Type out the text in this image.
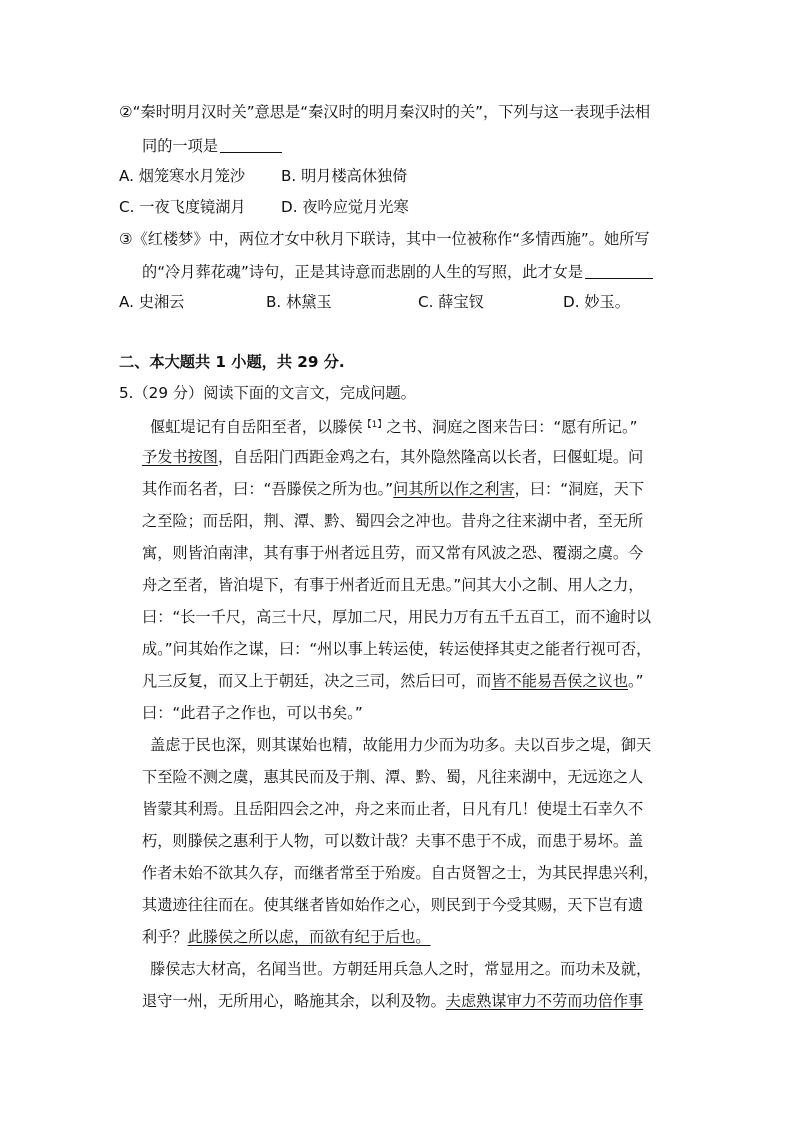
②“秦时明月汉时关”意思是“秦汉时的明月秦汉时的关”，下列与这一表现手法相
同的一项是
A. 烟笼寒水月笼沙 B. 明月楼高休独倚
C. 一夜飞度镜湖月 D. 夜吟应觉月光寒
③《红楼梦》中，两位才女中秋月下联诗，其中一位被称作“多情西施”。她所写
的“冷月葬花魂”诗句，正是其诗意而悲剧的人生的写照，此才女是
A. 史湘云	B. 林黛玉	C. 薛宝钗	D. 妙玉。
二、本大题共 1 小题，共 29 分.
5.（29 分）阅读下面的文言文，完成问题。
偃虹堤记有自岳阳至者，以滕侯$^{【1】}$之书、洞庭之图来告曰：“愿有所记。”
予发书按图，自岳阳门西距金鸡之右，其外隐然隆高以长者，曰偃虹堤。问
其作而名者，曰：“吾滕侯之所为也。”问其所以作之利害，曰：“洞庭，天下
之至险；而岳阳，荆、潭、黔、蜀四会之冲也。昔舟之往来湖中者，至无所
寓，则皆泊南津，其有事于州者远且劳，而又常有风波之恐、覆溺之虞。今
舟之至者，皆泊堤下，有事于州者近而且无患。”问其大小之制、用人之力，
曰：“长一千尺，高三十尺，厚加二尺，用民力万有五千五百工，而不逾时以
成。”问其始作之谋，曰：“州以事上转运使，转运使择其吏之能者行视可否，
凡三反复，而又上于朝廷，决之三司，然后曰可，而皆不能易吾侯之议也。”
曰：“此君子之作也，可以书矣。”
盖虑于民也深，则其谋始也精，故能用力少而为功多。夫以百步之堤，御天
下至险不测之虞，惠其民而及于荆、潭、黔、蜀，凡往来湖中，无远迩之人
皆蒙其利焉。且岳阳四会之冲，舟之来而止者，日凡有几！使堤土石幸久不
朽，则滕侯之惠利于人物，可以数计哉？夫事不患于不成，而患于易坏。盖
作者未始不欲其久存，而继者常至于殆废。自古贤智之士，为其民捍患兴利，
其遗迹往往而在。使其继者皆如始作之心，则民到于今受其赐，天下岂有遗
利乎？此滕侯之所以虑，而欲有纪于后也。
滕侯志大材高，名闻当世。方朝廷用兵急人之时，常显用之。而功未及就，
退守一州，无所用心，略施其余，以利及物。夫虑熟谋审力不劳而功倍作事
